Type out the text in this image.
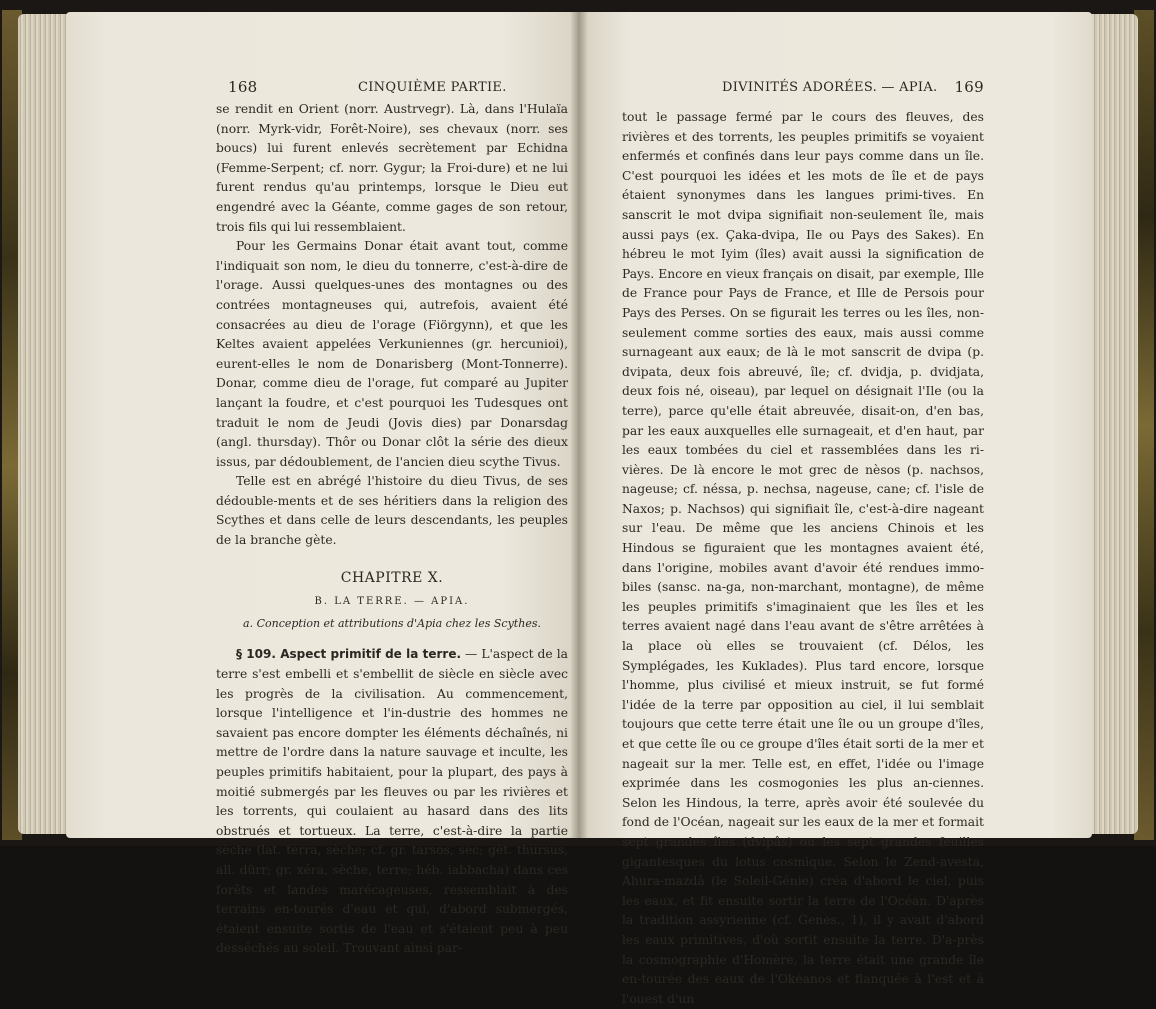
168	CINQUIÈME PARTIE.

se rendit en Orient (norr. Austrvegr). Là, dans l'Hulaïa (norr. Myrk-vidr, Forêt-Noire), ses chevaux (norr. ses boucs) lui furent enlevés secrètement par Echidna (Femme-Serpent; cf. norr. Gygur; la Froi-dure) et ne lui furent rendus qu'au printemps, lorsque le Dieu eut engendré avec la Géante, comme gages de son retour, trois fils qui lui ressemblaient.

Pour les Germains Donar était avant tout, comme l'indiquait son nom, le dieu du tonnerre, c'est-à-dire de l'orage. Aussi quelques-unes des montagnes ou des contrées montagneuses qui, autrefois, avaient été consacrées au dieu de l'orage (Fiörgynn), et que les Keltes avaient appelées Verkuniennes (gr. hercunioi), eurent-elles le nom de Donarisberg (Mont-Tonnerre). Donar, comme dieu de l'orage, fut comparé au Jupiter lançant la foudre, et c'est pourquoi les Tudesques ont traduit le nom de Jeudi (Jovis dies) par Donarsdag (angl. thursday). Thôr ou Donar clôt la série des dieux issus, par dédoublement, de l'ancien dieu scythe Tivus.

Telle est en abrégé l'histoire du dieu Tivus, de ses dédouble-ments et de ses héritiers dans la religion des Scythes et dans celle de leurs descendants, les peuples de la branche gète.

CHAPITRE X.
B. LA TERRE. — APIA.
a. Conception et attributions d'Apia chez les Scythes.

§ 109. Aspect primitif de la terre. — L'aspect de la terre s'est embelli et s'embellit de siècle en siècle avec les progrès de la civilisation. Au commencement, lorsque l'intelligence et l'in-dustrie des hommes ne savaient pas encore dompter les éléments déchaînés, ni mettre de l'ordre dans la nature sauvage et inculte, les peuples primitifs habitaient, pour la plupart, des pays à moitié submergés par les fleuves ou par les rivières et les torrents, qui coulaient au hasard dans des lits obstrués et tortueux. La terre, c'est-à-dire la partie sèche (lat. terra, sèche; cf. gr. tarsos, sec; gèt. thursus, all. dürr; gr. xéra, sèche, terre; héb. iabbacha) dans ces forêts et landes marécageuses, ressemblait à des terrains en-tourés d'eau et qui, d'abord submergés, étaient ensuite sortis de l'eau et s'étaient peu à peu desséchés au soleil. Trouvant ainsi par-

DIVINITÉS ADORÉES. — APIA. 169

tout le passage fermé par le cours des fleuves, des rivières et des torrents, les peuples primitifs se voyaient enfermés et confinés dans leur pays comme dans un île. C'est pourquoi les idées et les mots de île et de pays étaient synonymes dans les langues primi-tives. En sanscrit le mot dvipa signifiait non-seulement île, mais aussi pays (ex. Çaka-dvipa, Ile ou Pays des Sakes). En hébreu le mot Iyim (îles) avait aussi la signification de Pays. Encore en vieux français on disait, par exemple, Ille de France pour Pays de France, et Ille de Persois pour Pays des Perses. On se figurait les terres ou les îles, non-seulement comme sorties des eaux, mais aussi comme surnageant aux eaux; de là le mot sanscrit de dvipa (p. dvipata, deux fois abreuvé, île; cf. dvidja, p. dvidjata, deux fois né, oiseau), par lequel on désignait l'Ile (ou la terre), parce qu'elle était abreuvée, disait-on, d'en bas, par les eaux auxquelles elle surnageait, et d'en haut, par les eaux tombées du ciel et rassemblées dans les ri-vières. De là encore le mot grec de nèsos (p. nachsos, nageuse; cf. néssa, p. nechsa, nageuse, cane; cf. l'isle de Naxos; p. Nachsos) qui signifiait île, c'est-à-dire nageant sur l'eau. De même que les anciens Chinois et les Hindous se figuraient que les montagnes avaient été, dans l'origine, mobiles avant d'avoir été rendues immo-biles (sansc. na-ga, non-marchant, montagne), de même les peuples primitifs s'imaginaient que les îles et les terres avaient nagé dans l'eau avant de s'être arrêtées à la place où elles se trouvaient (cf. Délos, les Symplégades, les Kuklades). Plus tard encore, lorsque l'homme, plus civilisé et mieux instruit, se fut formé l'idée de la terre par opposition au ciel, il lui semblait toujours que cette terre était une île ou un groupe d'îles, et que cette île ou ce groupe d'îles était sorti de la mer et nageait sur la mer. Telle est, en effet, l'idée ou l'image exprimée dans les cosmogonies les plus an-ciennes. Selon les Hindous, la terre, après avoir été soulevée du fond de l'Océan, nageait sur les eaux de la mer et formait sept grandes îles (dvipâs) ou les sept grandes feuilles gigantesques du lotus cosmique. Selon le Zend-avesta, Ahura-mazdâ (le Soleil-Génie) créa d'abord le ciel, puis les eaux, et fit ensuite sortir la terre de l'Océan. D'après la tradition assyrienne (cf. Genes., 1), il y avait d'abord les eaux primitives, d'où sortit ensuite la terre. D'a-près la cosmographie d'Homère, la terre était une grande île en-tourée des eaux de l'Okéanos et flanquée à l'est et à l'ouest d'un
